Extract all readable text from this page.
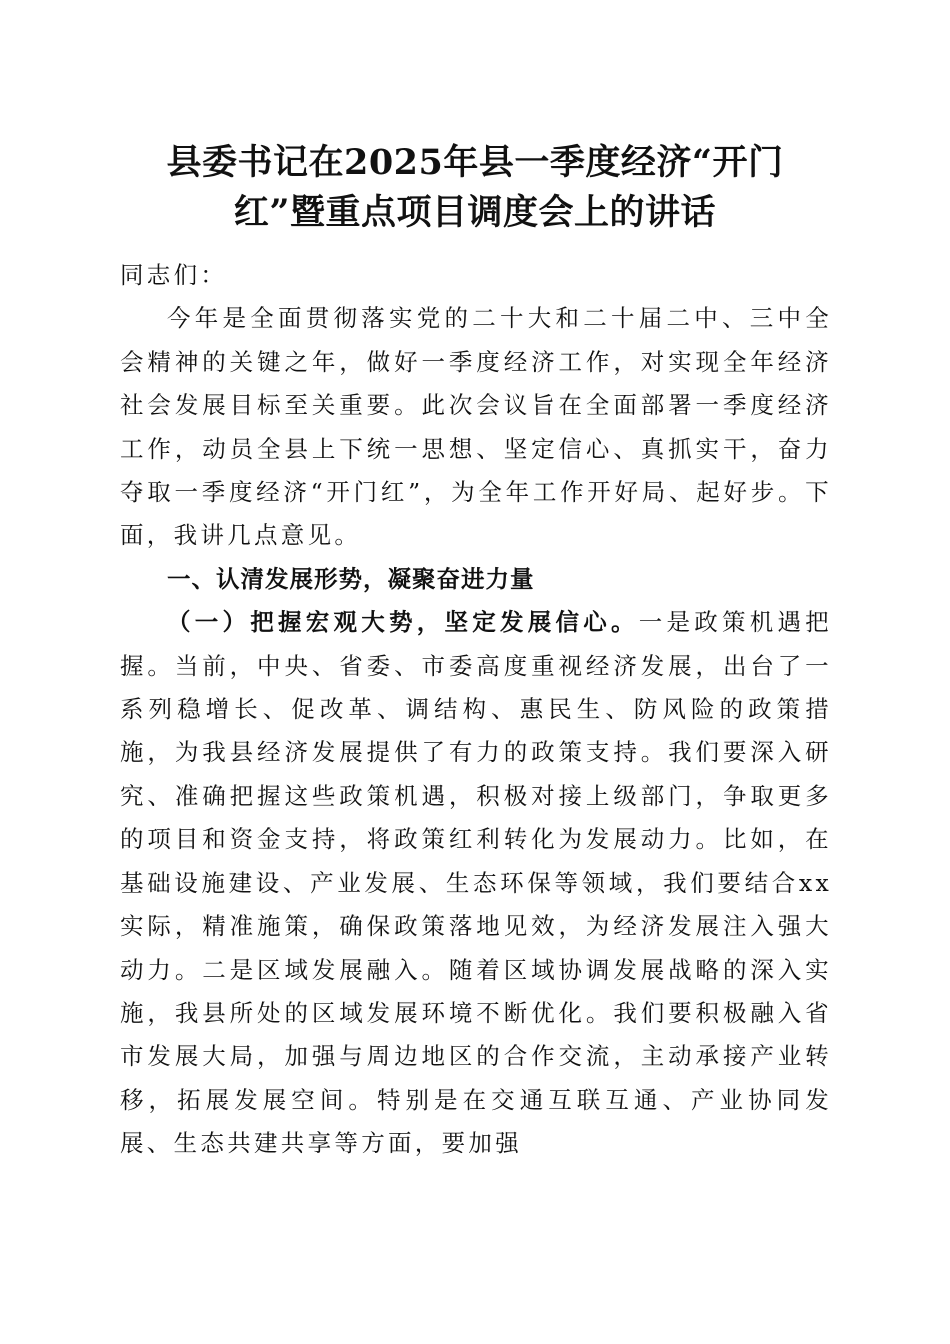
县委书记在2025年县一季度经济“开门
红”暨重点项目调度会上的讲话

同志们：

今年是全面贯彻落实党的二十大和二十届二中、三中全会精神的关键之年，做好一季度经济工作，对实现全年经济社会发展目标至关重要。此次会议旨在全面部署一季度经济工作，动员全县上下统一思想、坚定信心、真抓实干，奋力夺取一季度经济“开门红”，为全年工作开好局、起好步。下面，我讲几点意见。

一、认清发展形势，凝聚奋进力量

（一）把握宏观大势，坚定发展信心。一是政策机遇把握。当前，中央、省委、市委高度重视经济发展，出台了一系列稳增长、促改革、调结构、惠民生、防风险的政策措施，为我县经济发展提供了有力的政策支持。我们要深入研究、准确把握这些政策机遇，积极对接上级部门，争取更多的项目和资金支持，将政策红利转化为发展动力。比如，在基础设施建设、产业发展、生态环保等领域，我们要结合xx实际，精准施策，确保政策落地见效，为经济发展注入强大动力。二是区域发展融入。随着区域协调发展战略的深入实施，我县所处的区域发展环境不断优化。我们要积极融入省市发展大局，加强与周边地区的合作交流，主动承接产业转移，拓展发展空间。特别是在交通互联互通、产业协同发展、生态共建共享等方面，要加强
